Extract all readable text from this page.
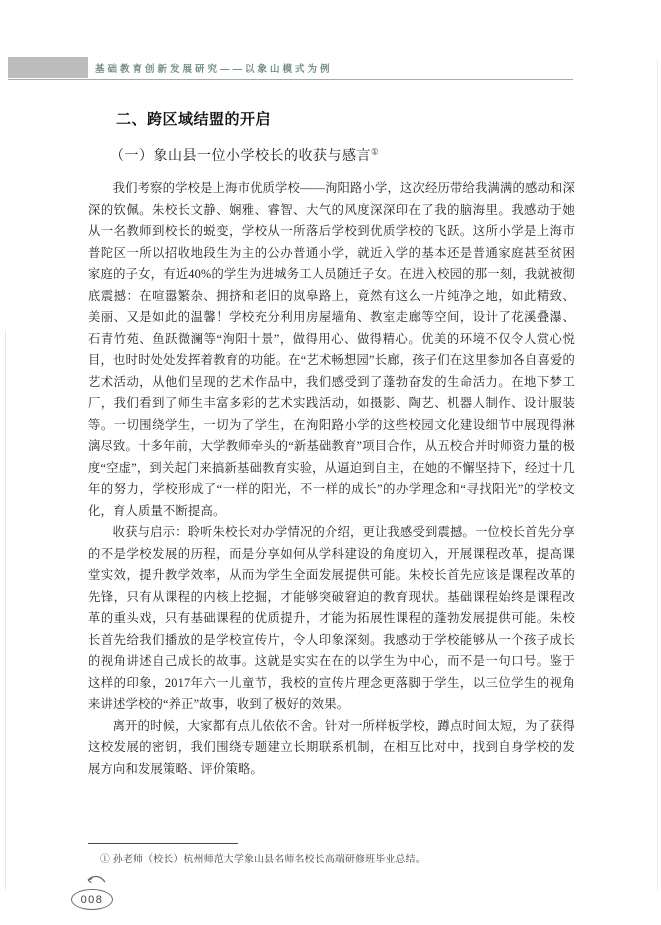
基础教育创新发展研究——以象山模式为例
二、跨区域结盟的开启
（一）象山县一位小学校长的收获与感言①

我们考察的学校是上海市优质学校——洵阳路小学，这次经历带给我满满的感动和深深的钦佩。朱校长文静、娴雅、睿智、大气的风度深深印在了我的脑海里。我感动于她从一名教师到校长的蜕变，学校从一所落后学校到优质学校的飞跃。这所小学是上海市普陀区一所以招收地段生为主的公办普通小学，就近入学的基本还是普通家庭甚至贫困家庭的子女，有近40%的学生为进城务工人员随迁子女。在进入校园的那一刻，我就被彻底震撼：在喧嚣繁杂、拥挤和老旧的岚皋路上，竟然有这么一片纯净之地，如此精致、美丽、又是如此的温馨！学校充分利用房屋墙角、教室走廊等空间，设计了花溪叠瀑、石青竹苑、鱼跃微澜等“洵阳十景”，做得用心、做得精心。优美的环境不仅令人赏心悦目，也时时处处发挥着教育的功能。在“艺术畅想园”长廊，孩子们在这里参加各自喜爱的艺术活动，从他们呈现的艺术作品中，我们感受到了蓬勃奋发的生命活力。在地下梦工厂，我们看到了师生丰富多彩的艺术实践活动，如摄影、陶艺、机器人制作、设计服装等。一切围绕学生，一切为了学生，在洵阳路小学的这些校园文化建设细节中展现得淋漓尽致。十多年前，大学教师牵头的“新基础教育”项目合作，从五校合并时师资力量的极度“空虚”，到关起门来搞新基础教育实验，从逼迫到自主，在她的不懈坚持下，经过十几年的努力，学校形成了“一样的阳光，不一样的成长”的办学理念和“寻找阳光”的学校文化，育人质量不断提高。

收获与启示：聆听朱校长对办学情况的介绍，更让我感受到震撼。一位校长首先分享的不是学校发展的历程，而是分享如何从学科建设的角度切入，开展课程改革，提高课堂实效，提升教学效率，从而为学生全面发展提供可能。朱校长首先应该是课程改革的先锋，只有从课程的内核上挖掘，才能够突破窘迫的教育现状。基础课程始终是课程改革的重头戏，只有基础课程的优质提升，才能为拓展性课程的蓬勃发展提供可能。朱校长首先给我们播放的是学校宣传片，令人印象深刻。我感动于学校能够从一个孩子成长的视角讲述自己成长的故事。这就是实实在在的以学生为中心，而不是一句口号。鉴于这样的印象，2017年六一儿童节，我校的宣传片理念更落脚于学生，以三位学生的视角来讲述学校的“养正”故事，收到了极好的效果。

离开的时候，大家都有点儿依依不舍。针对一所样板学校，蹲点时间太短，为了获得这校发展的密钥，我们围绕专题建立长期联系机制，在相互比对中，找到自身学校的发展方向和发展策略、评价策略。

① 孙老师（校长）杭州师范大学象山县名师名校长高端研修班毕业总结。
008
